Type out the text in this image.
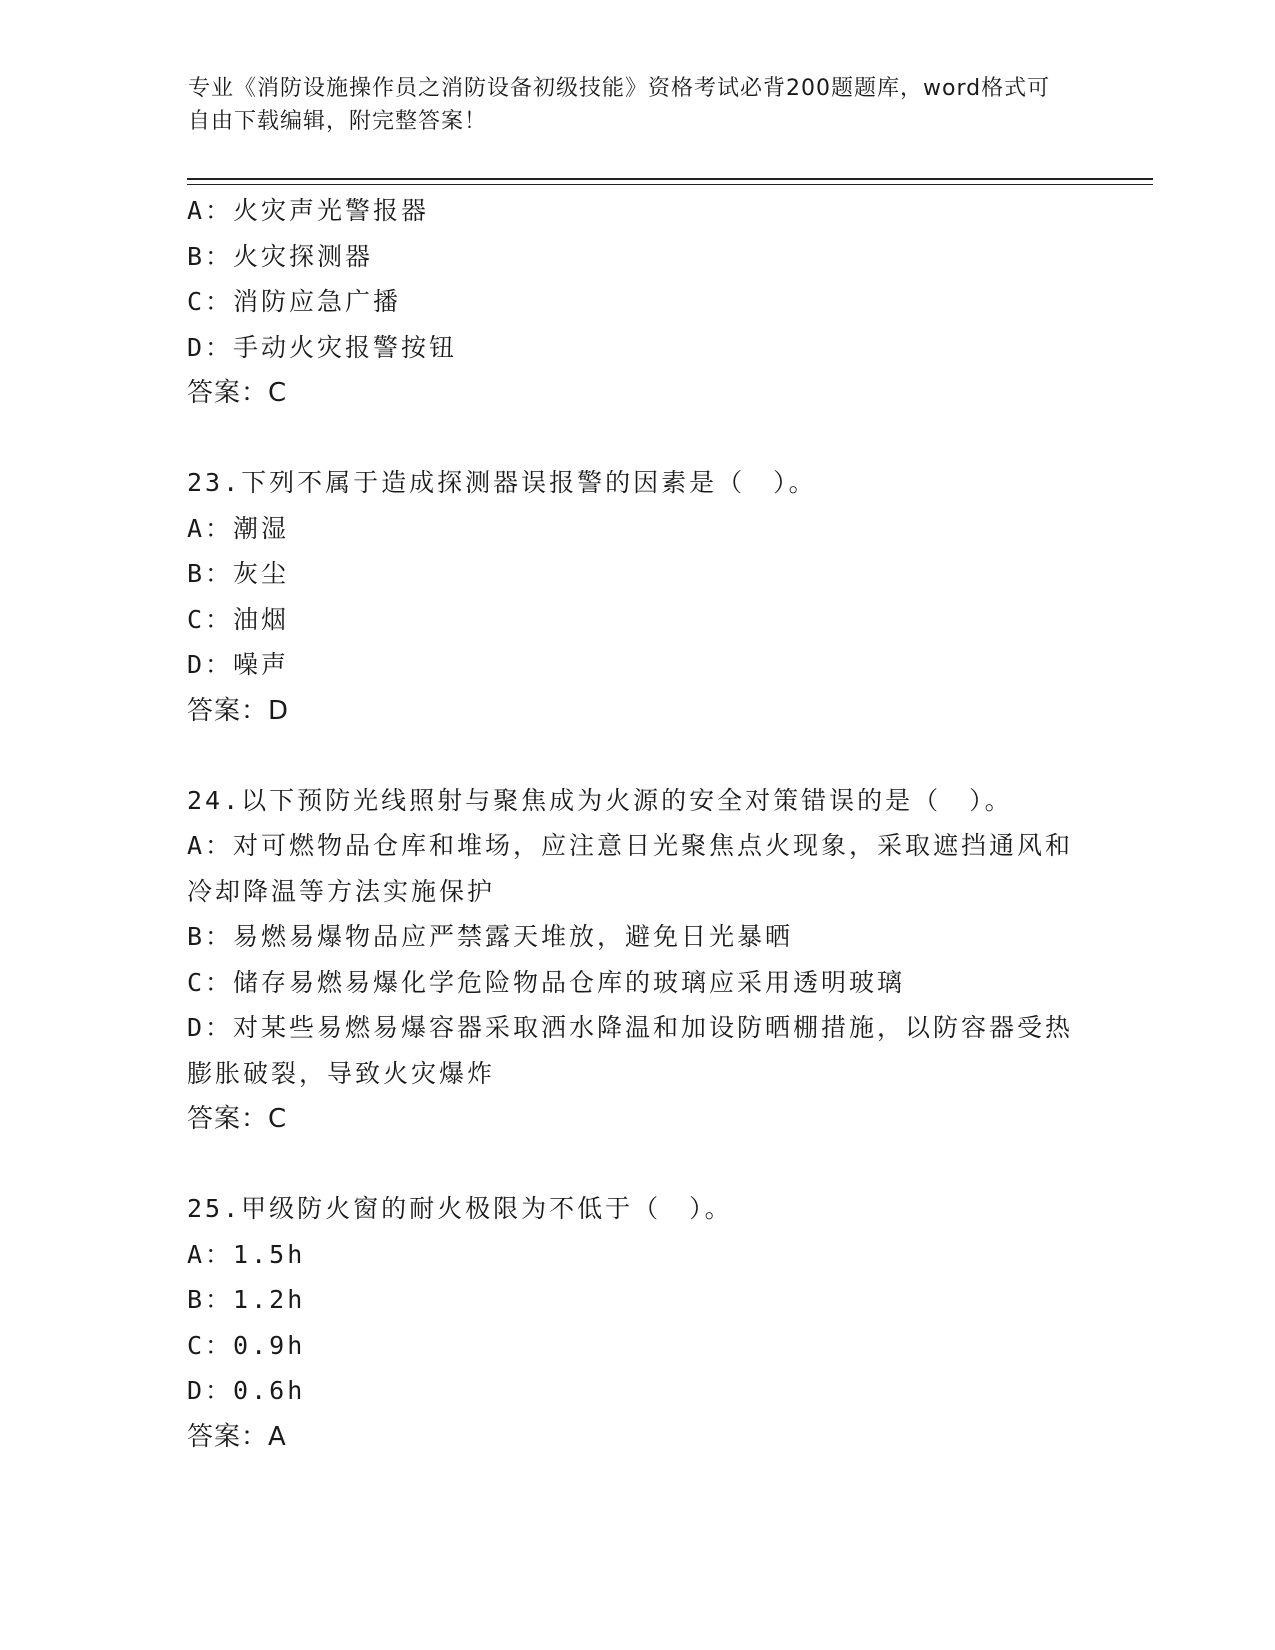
专业《消防设施操作员之消防设备初级技能》资格考试必背200题题库，word格式可自由下载编辑，附完整答案！
A：火灾声光警报器
B：火灾探测器
C：消防应急广播
D：手动火灾报警按钮
答案：C
23.下列不属于造成探测器误报警的因素是（　）。
A：潮湿
B：灰尘
C：油烟
D：噪声
答案：D
24.以下预防光线照射与聚焦成为火源的安全对策错误的是（　）。
A：对可燃物品仓库和堆场，应注意日光聚焦点火现象，采取遮挡通风和冷却降温等方法实施保护
B：易燃易爆物品应严禁露天堆放，避免日光暴晒
C：储存易燃易爆化学危险物品仓库的玻璃应采用透明玻璃
D：对某些易燃易爆容器采取洒水降温和加设防晒棚措施，以防容器受热膨胀破裂，导致火灾爆炸
答案：C
25.甲级防火窗的耐火极限为不低于（　）。
A：1.5h
B：1.2h
C：0.9h
D：0.6h
答案：A
